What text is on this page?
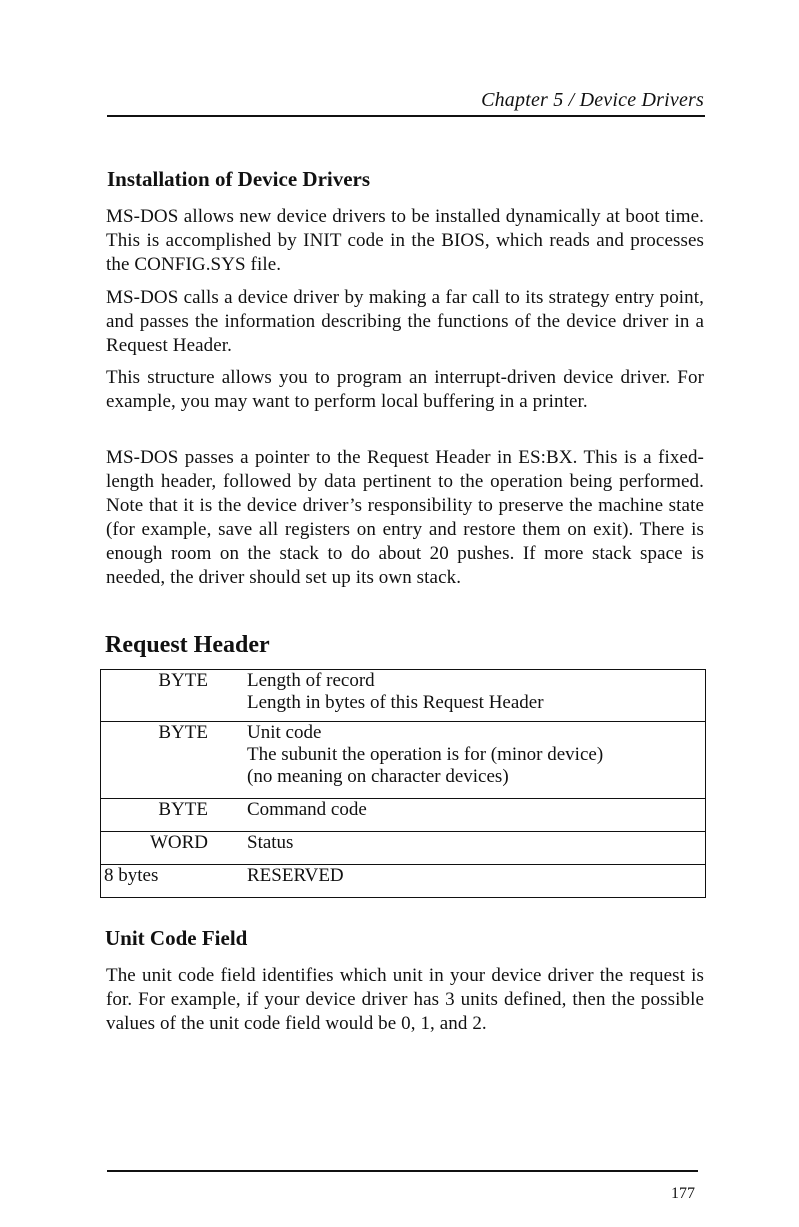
Chapter 5 / Device Drivers
Installation of Device Drivers

MS-DOS allows new device drivers to be installed dynamically at boot time. This is accomplished by INIT code in the BIOS, which reads and processes the CONFIG.SYS file.

MS-DOS calls a device driver by making a far call to its strategy entry point, and passes the information describing the functions of the device driver in a Request Header.

This structure allows you to program an interrupt-driven device driver. For example, you may want to perform local buffering in a printer.

MS-DOS passes a pointer to the Request Header in ES:BX. This is a fixed-length header, followed by data pertinent to the operation being performed. Note that it is the device driver’s responsibility to preserve the machine state (for example, save all registers on entry and restore them on exit). There is enough room on the stack to do about 20 pushes. If more stack space is needed, the driver should set up its own stack.

Request Header
BYTE	Length of record
Length in bytes of this Request Header

BYTE	Unit code
The subunit the operation is for (minor device)
(no meaning on character devices)

BYTE	Command code

WORD	Status

8 bytes	RESERVED
Unit Code Field

The unit code field identifies which unit in your device driver the request is for. For example, if your device driver has 3 units defined, then the possible values of the unit code field would be 0, 1, and 2.

177
